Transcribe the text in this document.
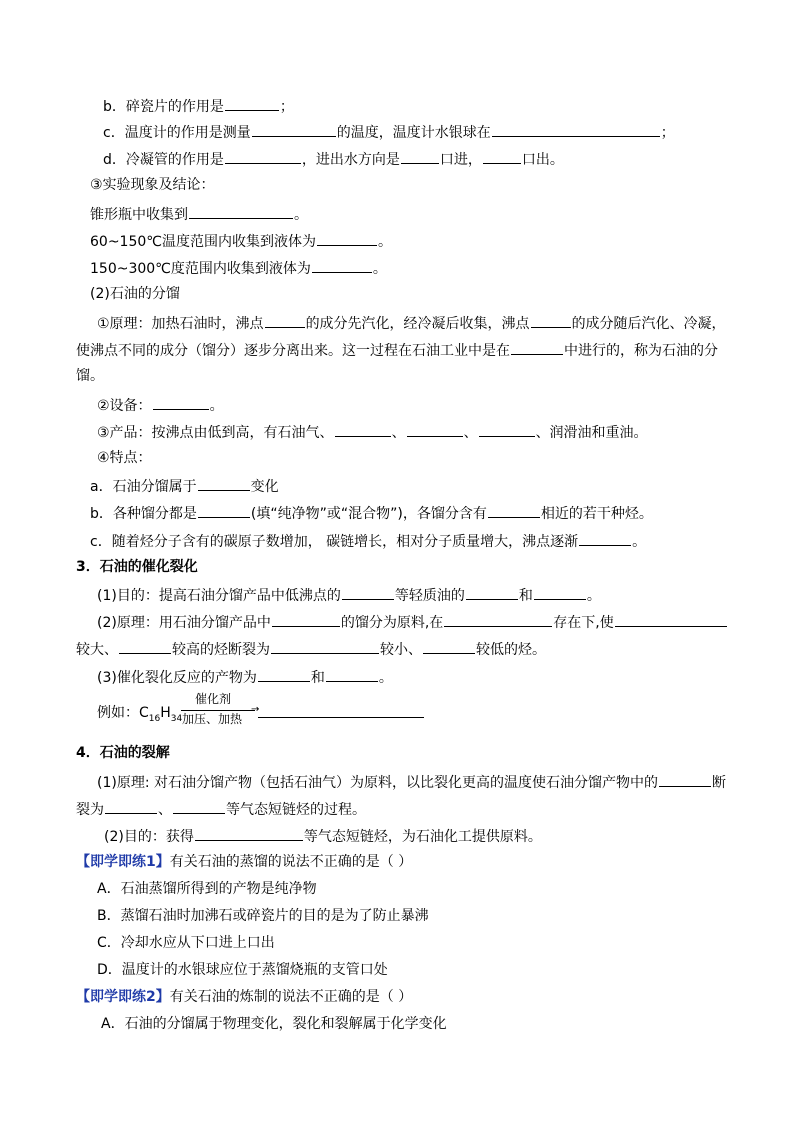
b．碎瓷片的作用是	；
c．温度计的作用是测量	的温度，温度计水银球在	；
d．冷凝管的作用是	，进出水方向是	口进，	口出。
③实验现象及结论：
锥形瓶中收集到	。
60~150℃温度范围内收集到液体为	。
150~300℃度范围内收集到液体为	。
(2)石油的分馏
①原理：加热石油时，沸点	的成分先汽化，经冷凝后收集，沸点	的成分随后汽化、冷凝，
使沸点不同的成分（馏分）逐步分离出来。这一过程在石油工业中是在	中进行的，称为石油的分
馏。
②设备：	。
③产品：按沸点由低到高，有石油气、	、	、	、润滑油和重油。
④特点：
a．石油分馏属于	变化
b．各种馏分都是	(填“纯净物”或“混合物”)，各馏分含有	相近的若干种烃。
c．随着烃分子含有的碳原子数增加， 碳链增长，相对分子质量增大，沸点逐渐	。
3．石油的催化裂化
(1)目的：提高石油分馏产品中低沸点的	等轻质油的	和	。
(2)原理：用石油分馏产品中	的馏分为原料,在	存在下,使
较大、	较高的烃断裂为	较小、	较低的烃。
(3)催化裂化反应的产物为	和	。
例如：$C_{16}H_{34}$
催化剂
→
加压、加热
4．石油的裂解
(1)原理: 对石油分馏产物（包括石油气）为原料，以比裂化更高的温度使石油分馏产物中的	断
裂为	、	等气态短链烃的过程。
(2)目的：获得	等气态短链烃，为石油化工提供原料。
【即学即练1】有关石油的蒸馏的说法不正确的是（ ）
A．石油蒸馏所得到的产物是纯净物
B．蒸馏石油时加沸石或碎瓷片的目的是为了防止暴沸
C．冷却水应从下口进上口出
D．温度计的水银球应位于蒸馏烧瓶的支管口处
【即学即练2】有关石油的炼制的说法不正确的是（ ）
A．石油的分馏属于物理变化，裂化和裂解属于化学变化
